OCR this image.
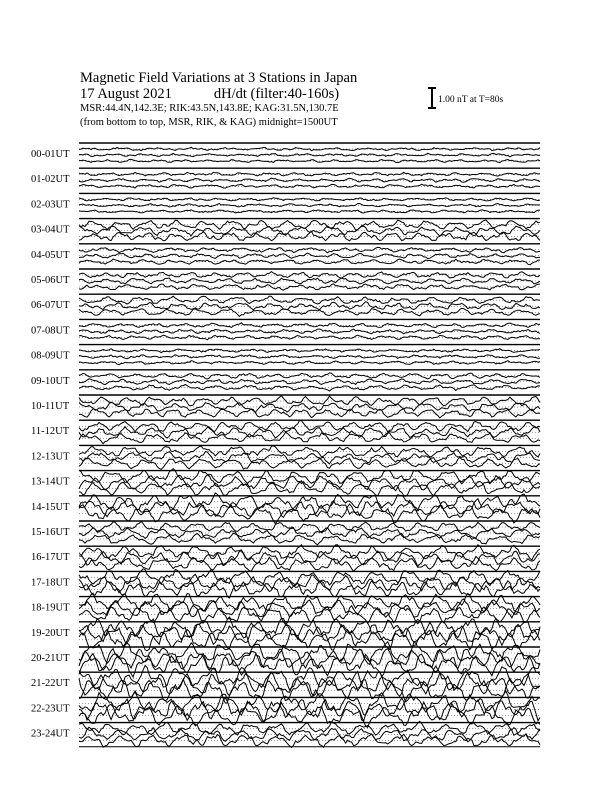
Magnetic Field Variations at 3 Stations in Japan
17 August 2021	dH/dt (filter:40-160s)
MSR:44.4N,142.3E; RIK:43.5N,143.8E; KAG:31.5N,130.7E
(from bottom to top, MSR, RIK, & KAG) midnight=1500UT
1.00 nT at T=80s
00-01UT
01-02UT
02-03UT
03-04UT
04-05UT
05-06UT
06-07UT
07-08UT
08-09UT
09-10UT
10-11UT
11-12UT
12-13UT
13-14UT
14-15UT
15-16UT
16-17UT
17-18UT
18-19UT
19-20UT
20-21UT
21-22UT
22-23UT
23-24UT
